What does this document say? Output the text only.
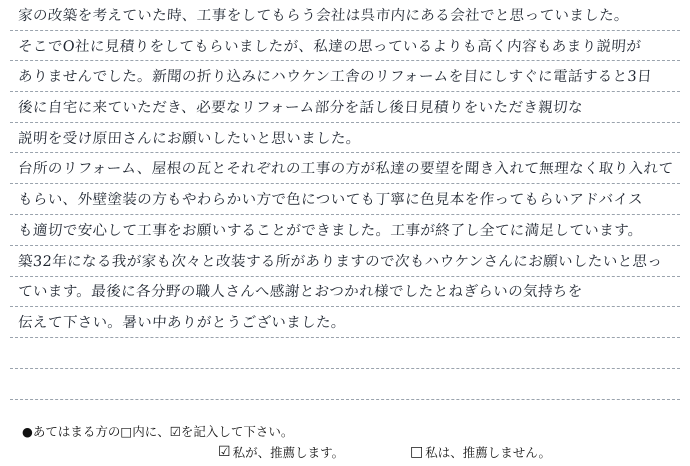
家の改築を考えていた時、工事をしてもらう会社は呉市内にある会社でと思っていました。
そこでO社に見積りをしてもらいましたが、私達の思っているよりも高く内容もあまり説明が
ありませんでした。新聞の折り込みにハウケン工舎のリフォームを目にしすぐに電話すると3日
後に自宅に来ていただき、必要なリフォーム部分を話し後日見積りをいただき親切な
説明を受け原田さんにお願いしたいと思いました。
台所のリフォーム、屋根の瓦とそれぞれの工事の方が私達の要望を聞き入れて無理なく取り入れて
もらい、外壁塗装の方もやわらかい方で色についても丁寧に色見本を作ってもらいアドバイス
も適切で安心して工事をお願いすることができました。工事が終了し全てに満足しています。
築32年になる我が家も次々と改装する所がありますので次もハウケンさんにお願いしたいと思っ
ています。最後に各分野の職人さんへ感謝とおつかれ様でしたとねぎらいの気持ちを
伝えて下さい。暑い中ありがとうございました。
●あてはまる方の□内に、☑を記入して下さい。
☑ 私が、推薦します。	□ 私は、推薦しません。
